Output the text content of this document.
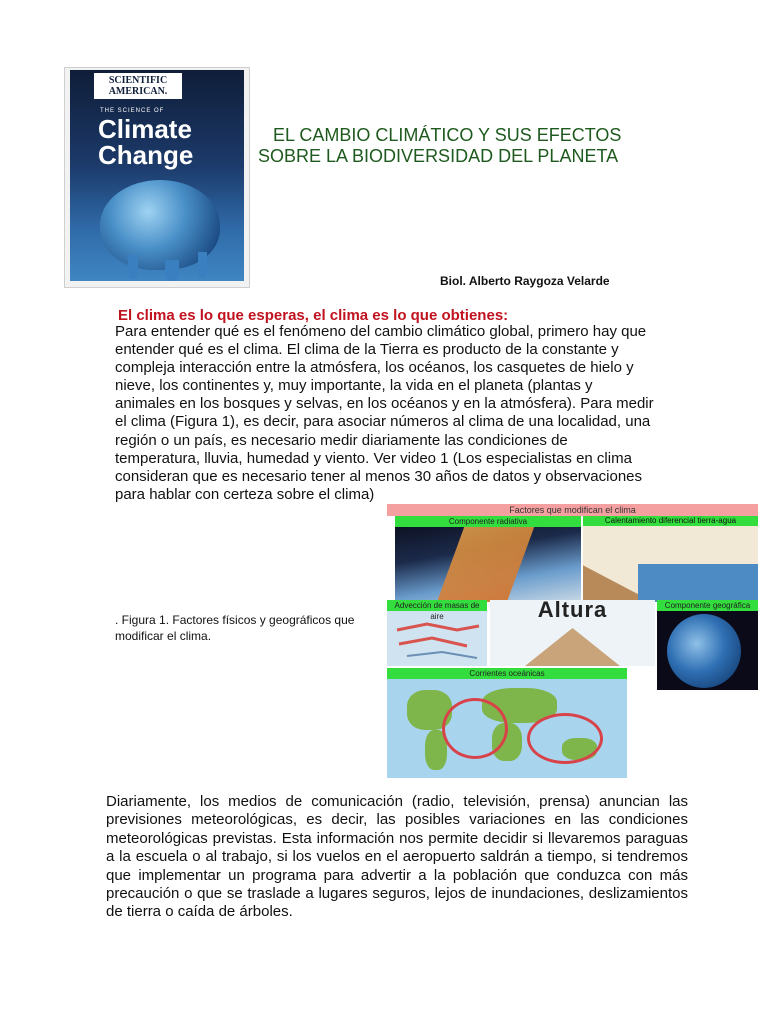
SCIENTIFIC
AMERICAN.
THE SCIENCE OF
Climate
Change
EL CAMBIO CLIMÁTICO Y SUS EFECTOS
SOBRE LA BIODIVERSIDAD DEL PLANETA
Biol. Alberto Raygoza Velarde
El clima es lo que esperas, el clima es lo que obtienes:
Para entender qué es el fenómeno del cambio climático global, primero hay que entender qué es el clima. El clima de la Tierra es producto de la constante y compleja interacción entre la atmósfera, los océanos, los casquetes de hielo y nieve, los continentes y, muy importante, la vida en el planeta (plantas y animales en los bosques y selvas, en los océanos y en la atmósfera). Para medir el clima (Figura 1), es decir, para asociar números al clima de una localidad, una región o un país, es necesario medir diariamente las condiciones de temperatura, lluvia, humedad y viento. Ver video 1 (Los especialistas en clima consideran que es necesario tener al menos 30 años de datos y observaciones para hablar con certeza sobre el clima)
. Figura 1. Factores físicos y geográficos que modificar el clima.
Factores que modifican el clima
Componente radiativa	Calentamiento diferencial tierra-agua
Advección de masas de aire	Altura	Componente geográfica
Corrientes oceánicas
Diariamente, los medios de comunicación (radio, televisión, prensa) anuncian las previsiones meteorológicas, es decir, las posibles variaciones en las condiciones meteorológicas previstas. Esta información nos permite decidir si llevaremos paraguas a la escuela o al trabajo, si los vuelos en el aeropuerto saldrán a tiempo, si tendremos que implementar un programa para advertir a la población que conduzca con más precaución o que se traslade a lugares seguros, lejos de inundaciones, deslizamientos de tierra o caída de árboles.
